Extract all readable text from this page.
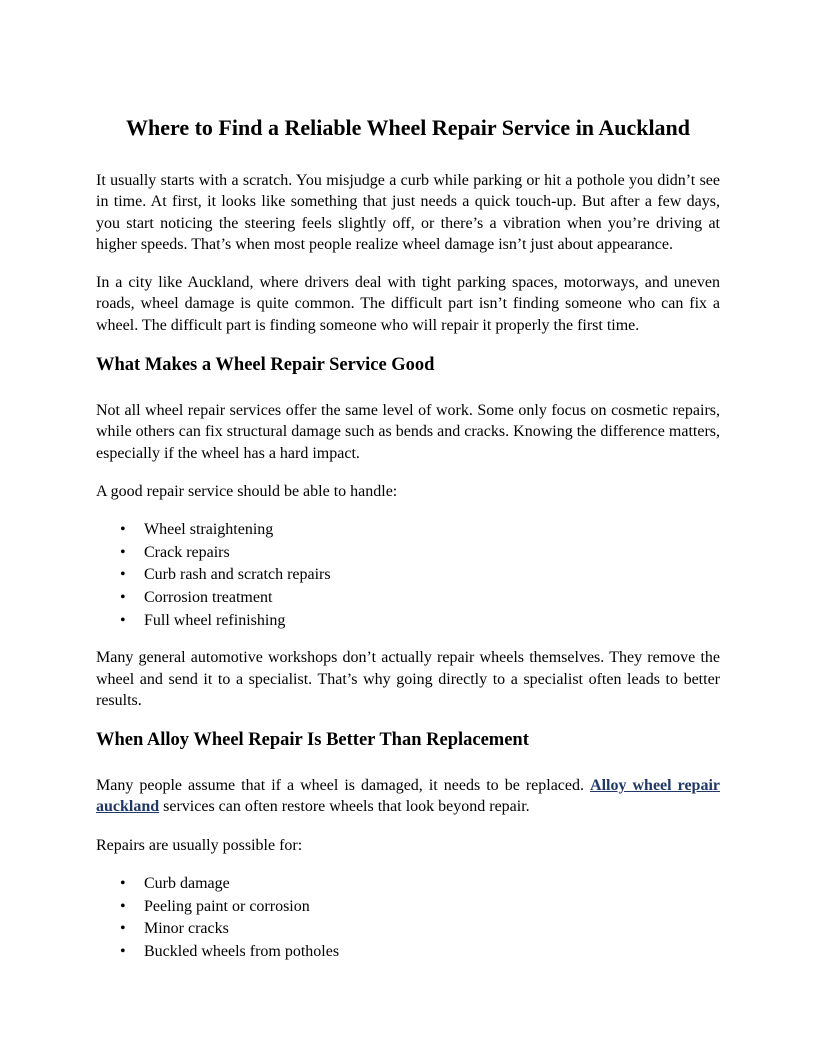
Where to Find a Reliable Wheel Repair Service in Auckland

It usually starts with a scratch. You misjudge a curb while parking or hit a pothole you didn’t see in time. At first, it looks like something that just needs a quick touch-up. But after a few days, you start noticing the steering feels slightly off, or there’s a vibration when you’re driving at higher speeds. That’s when most people realize wheel damage isn’t just about appearance.

In a city like Auckland, where drivers deal with tight parking spaces, motorways, and uneven roads, wheel damage is quite common. The difficult part isn’t finding someone who can fix a wheel. The difficult part is finding someone who will repair it properly the first time.

What Makes a Wheel Repair Service Good

Not all wheel repair services offer the same level of work. Some only focus on cosmetic repairs, while others can fix structural damage such as bends and cracks. Knowing the difference matters, especially if the wheel has a hard impact.

A good repair service should be able to handle:

• Wheel straightening
• Crack repairs
• Curb rash and scratch repairs
• Corrosion treatment
• Full wheel refinishing

Many general automotive workshops don’t actually repair wheels themselves. They remove the wheel and send it to a specialist. That’s why going directly to a specialist often leads to better results.

When Alloy Wheel Repair Is Better Than Replacement

Many people assume that if a wheel is damaged, it needs to be replaced. Alloy wheel repair auckland services can often restore wheels that look beyond repair.

Repairs are usually possible for:

• Curb damage
• Peeling paint or corrosion
• Minor cracks
• Buckled wheels from potholes
